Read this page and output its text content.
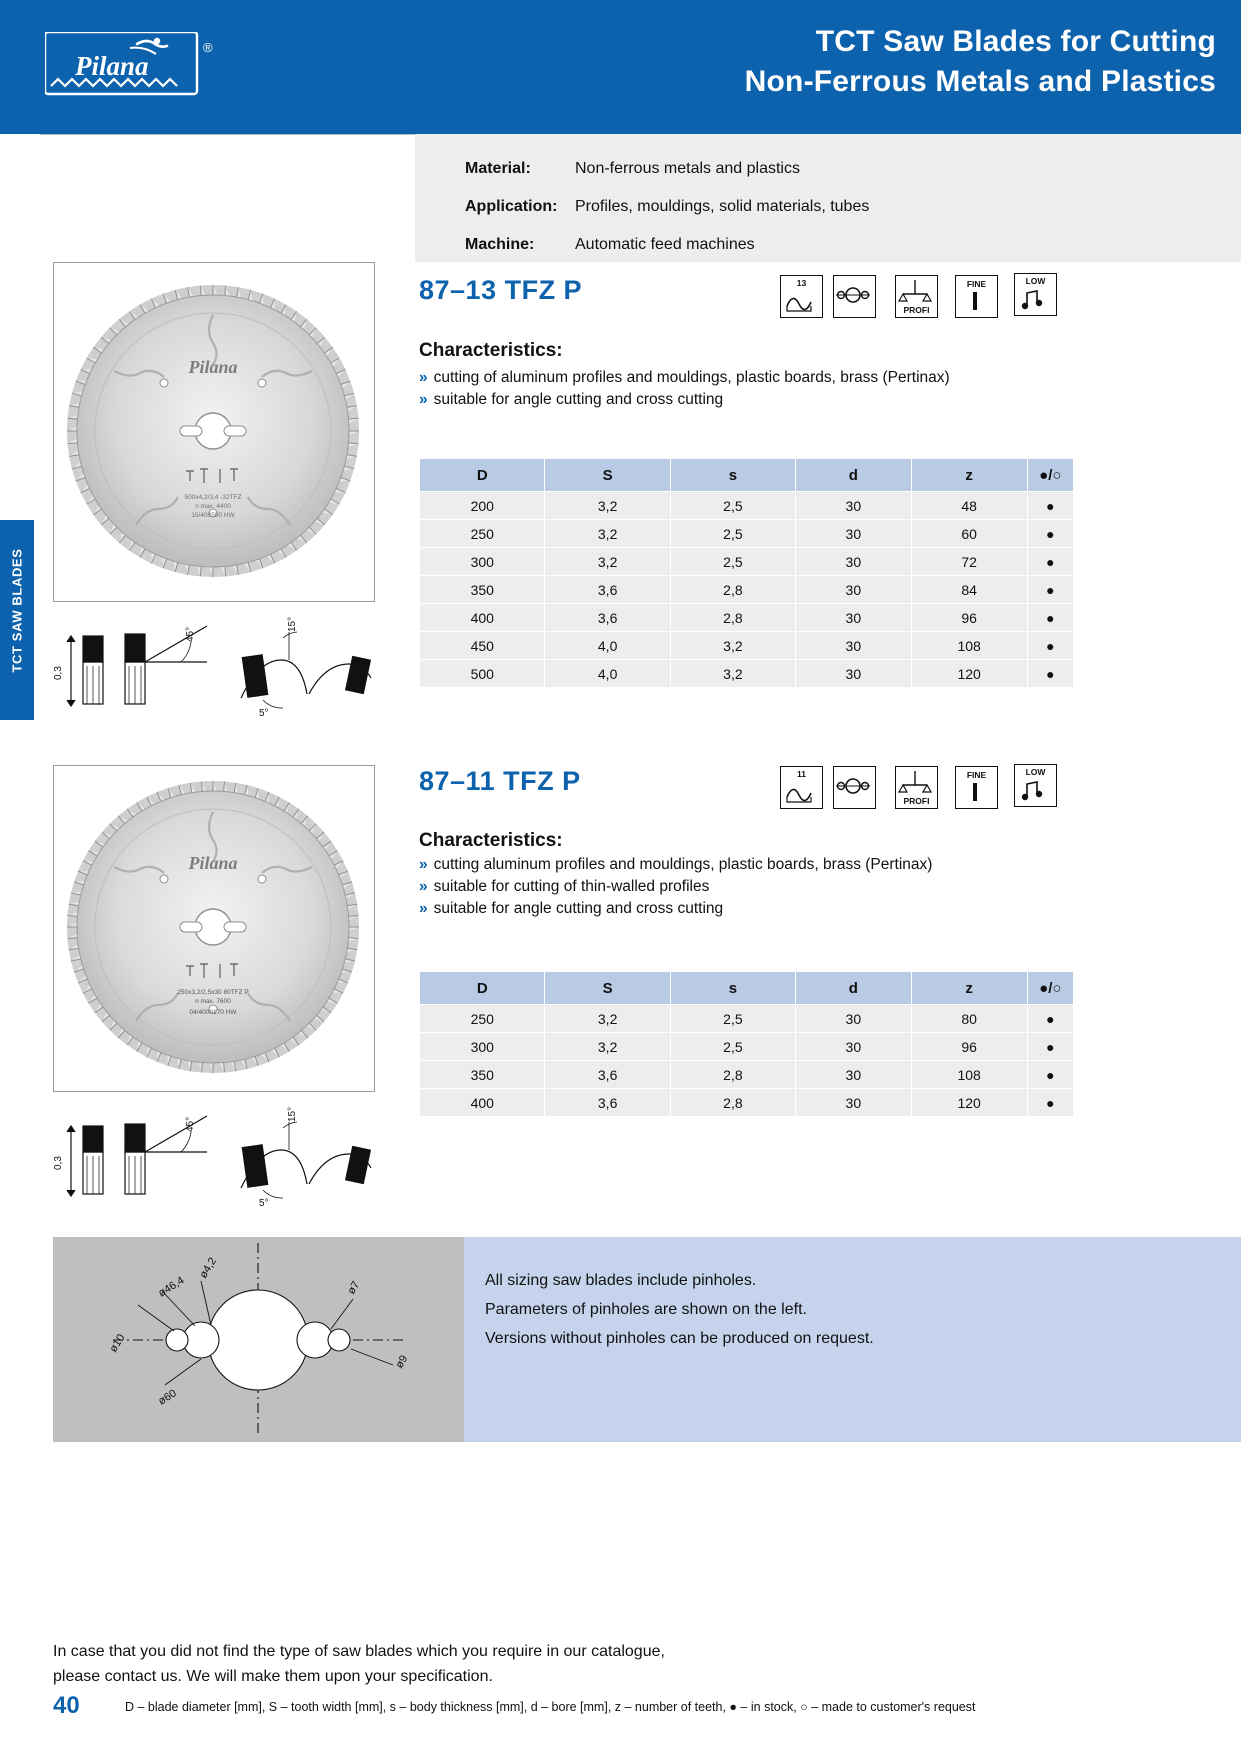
Pilana
®	TCT Saw Blades for Cutting
Non-Ferrous Metals and Plastics
TCT SAW BLADES
Material:	Non-ferrous metals and plastics
Application: Profiles, mouldings, solid materials, tubes
Machine:	Automatic feed machines
Pilana
500x4,2/3,4 -32TFZ
n max. 4400
15/400500 HW
0,3
45°
15°
5°
87–13 TFZ P
Characteristics:
» cutting of aluminum profiles and mouldings, plastic boards, brass (Pertinax)
» suitable for angle cutting and cross cutting
13
PROFI
FINE	LOW
D	S	s	d	z	●/○
200	3,2	2,5	30	48	●
250	3,2	2,5	30	60	●
300	3,2	2,5	30	72	●
350	3,6	2,8	30	84	●
400	3,6	2,8	30	96	●
450	4,0	3,2	30	108	●
500	4,0	3,2	30	120	●
Pilana
250x3,2/2,5x30 80TFZ P
n max. 7600
04/4000170 HW
0,3
45°
15°
5°
87–11 TFZ P
Characteristics:
» cutting aluminum profiles and mouldings, plastic boards, brass (Pertinax)
» suitable for cutting of thin-walled profiles
» suitable for angle cutting and cross cutting
11
PROFI
FINE	LOW
D	S	s	d	z	●/○
250	3,2	2,5	30	80	●
300	3,2	2,5	30	96	●
350	3,6	2,8	30	108	●
400	3,6	2,8	30	120	●
ø10
ø46,4
ø4,2
ø7
ø9
ø60
All sizing saw blades include pinholes.
Parameters of pinholes are shown on the left.
Versions without pinholes can be produced on request.
In case that you did not find the type of saw blades which you require in our catalogue,
please contact us. We will make them upon your specification.
40	D – blade diameter [mm], S – tooth width [mm], s – body thickness [mm], d – bore [mm], z – number of teeth, ● – in stock, ○ – made to customer's request
